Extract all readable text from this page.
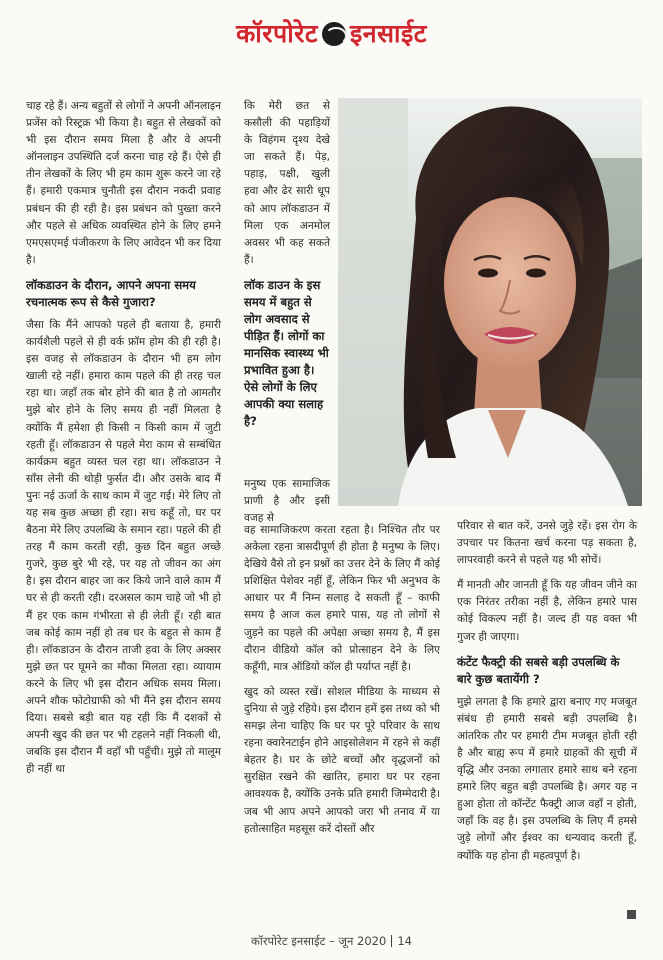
कॉरपोरेट इनसाईट

चाह रहे हैं। अन्य बहुतों से लोगों ने अपनी ऑनलाइन प्रजेंस को रिस्ट्रक्र भी किया है। बहुत से लेखकों को भी इस दौरान समय मिला है और वे अपनी ऑनलाइन उपस्थिति दर्ज करना चाह रहे हैं। ऐसे ही तीन लेखकों के लिए भी हम काम शुरू करने जा रहे हैं। हमारी एकमात्र चुनौती इस दौरान नकदी प्रवाह प्रबंधन की ही रही है। इस प्रबंधन को पुख्ता करने और पहले से अधिक व्यवस्थित होने के लिए हमने एमएसएमई पंजीकरण के लिए आवेदन भी कर दिया है।

लॉकडाउन के दौरान, आपने अपना समय रचनात्मक रूप से कैसे गुजारा?

जैसा कि मैंने आपको पहले ही बताया है, हमारी कार्यशैली पहले से ही वर्क फ्रॉम होम की ही रही है। इस वजह से लॉकडाउन के दौरान भी हम लोग खाली रहे नहीं। हमारा काम पहले की ही तरह चल रहा था। जहाँ तक बोर होने की बात है तो आमतौर मुझे बोर होने के लिए समय ही नहीं मिलता है क्योंकि मैं हमेशा ही किसी न किसी काम में जुटी रहती हूँ। लॉकडाउन से पहले मेरा काम से सम्बंधित कार्यक्रम बहुत व्यस्त चल रहा था। लॉकडाउन ने साँस लेनी की थोड़ी फुर्सत दी। और उसके बाद मैं पुनः नई ऊर्जा के साथ काम में जुट गई। मेरे लिए तो यह सब कुछ अच्छा ही रहा। सच कहूँ तो, घर पर बैठना मेरे लिए उपलब्धि के समान रहा। पहले की ही तरह मैं काम करती रही, कुछ दिन बहुत अच्छे गुजरे, कुछ बुरे भी रहे, पर यह तो जीवन का अंग है। इस दौरान बाहर जा कर किये जाने वाले काम मैं घर से ही करती रही। दरअसल काम चाहे जो भी हो मैं हर एक काम गंभीरता से ही लेती हूँ। रही बात जब कोई काम नहीं हो तब घर के बहुत से काम हैं ही। लॉकडाउन के दौरान ताजी हवा के लिए अक्सर मुझे छत पर घूमने का मौका मिलता रहा। व्यायाम करने के लिए भी इस दौरान अधिक समय मिला। अपने शौक फोटोग्राफी को भी मैंने इस दौरान समय दिया। सबसे बड़ी बात यह रही कि मैं दशकों से अपनी खुद की छत पर भी टहलने नहीं निकली थी, जबकि इस दौरान मैं वहाँ भी पहुँची। मुझे तो मालूम ही नहीं था

कि मेरी छत से कसौली की पहाड़ियों के विहंगम दृश्य देखे जा सकते हैं। पेड़, पहाड़, पक्षी, खुली हवा और ढेर सारी धूप को आप लॉकडाउन में मिला एक अनमोल अवसर भी कह सकते हैं।

लॉक डाउन के इस समय में बहुत से लोग अवसाद से पीड़ित हैं। लोगों का मानसिक स्वास्थ्य भी प्रभावित हुआ है। ऐसे लोगों के लिए आपकी क्या सलाह है?

मनुष्य एक सामाजिक प्राणी है और इसी वजह से

वह सामाजिकरण करता रहता है। निश्चित तौर पर अकेला रहना त्रासदीपूर्ण ही होता है मनुष्य के लिए। देखिये वैसे तो इन प्रश्नों का उत्तर देने के लिए मैं कोई प्रशिक्षित पेशेवर नहीं हूँ, लेकिन फिर भी अनुभव के आधार पर मैं निम्न सलाह दे सकती हूँ – काफी समय है आज कल हमारे पास, यह तो लोगों से जुड़ने का पहले की अपेक्षा अच्छा समय है, मैं इस दौरान वीडियो कॉल को प्रोत्साहन देने के लिए कहूँगी, मात्र ऑडियो कॉल ही पर्याप्त नहीं है।

खुद को व्यस्त रखें। सोशल मीडिया के माध्यम से दुनिया से जुड़े रहिये। इस दौरान हमें इस तथ्य को भी समझ लेना चाहिए कि घर पर पूरे परिवार के साथ रहना क्वारेनटाईन होने आइसोलेशन में रहने से कहीं बेहतर है। घर के छोटे बच्चों और वृद्धजनों को सुरक्षित रखने की खातिर, हमारा घर पर रहना आवश्यक है, क्योंकि उनके प्रति हमारी जिम्मेदारी है। जब भी आप अपने आपको जरा भी तनाव में या हतोत्साहित महसूस करें दोस्तों और

परिवार से बात करें, उनसे जुड़े रहें। इस रोग के उपचार पर कितना खर्च करना पड़ सकता है, लापरवाही करने से पहले यह भी सोचें।

मैं मानती और जानती हूँ कि यह जीवन जीने का एक निरंतर तरीका नहीं है, लेकिन हमारे पास कोई विकल्प नहीं है। जल्द ही यह वक्त भी गुजर ही जाएगा।

कंटेंट फैक्ट्री की सबसे बड़ी उपलब्धि के बारे कुछ बतायेंगी ?

मुझे लगता है कि हमारे द्वारा बनाए गए मजबूत संबंध ही हमारी सबसे बड़ी उपलब्धि है। आंतरिक तौर पर हमारी टीम मजबूत होती रही है और बाह्य रूप में हमारे ग्राहकों की सूची में वृद्धि और उनका लगातार हमारे साथ बने रहना हमारे लिए बहुत बड़ी उपलब्धि है। अगर यह न हुआ होता तो कॉन्टेंट फैक्ट्री आज वहाँ न होती, जहाँ कि वह है। इस उपलब्धि के लिए मैं हमसे जुड़े लोगों और ईश्वर का धन्यवाद करती हूँ, क्योंकि यह होना ही महत्वपूर्ण है।

कॉरपोरेट इनसाईट – जून 2020 14
